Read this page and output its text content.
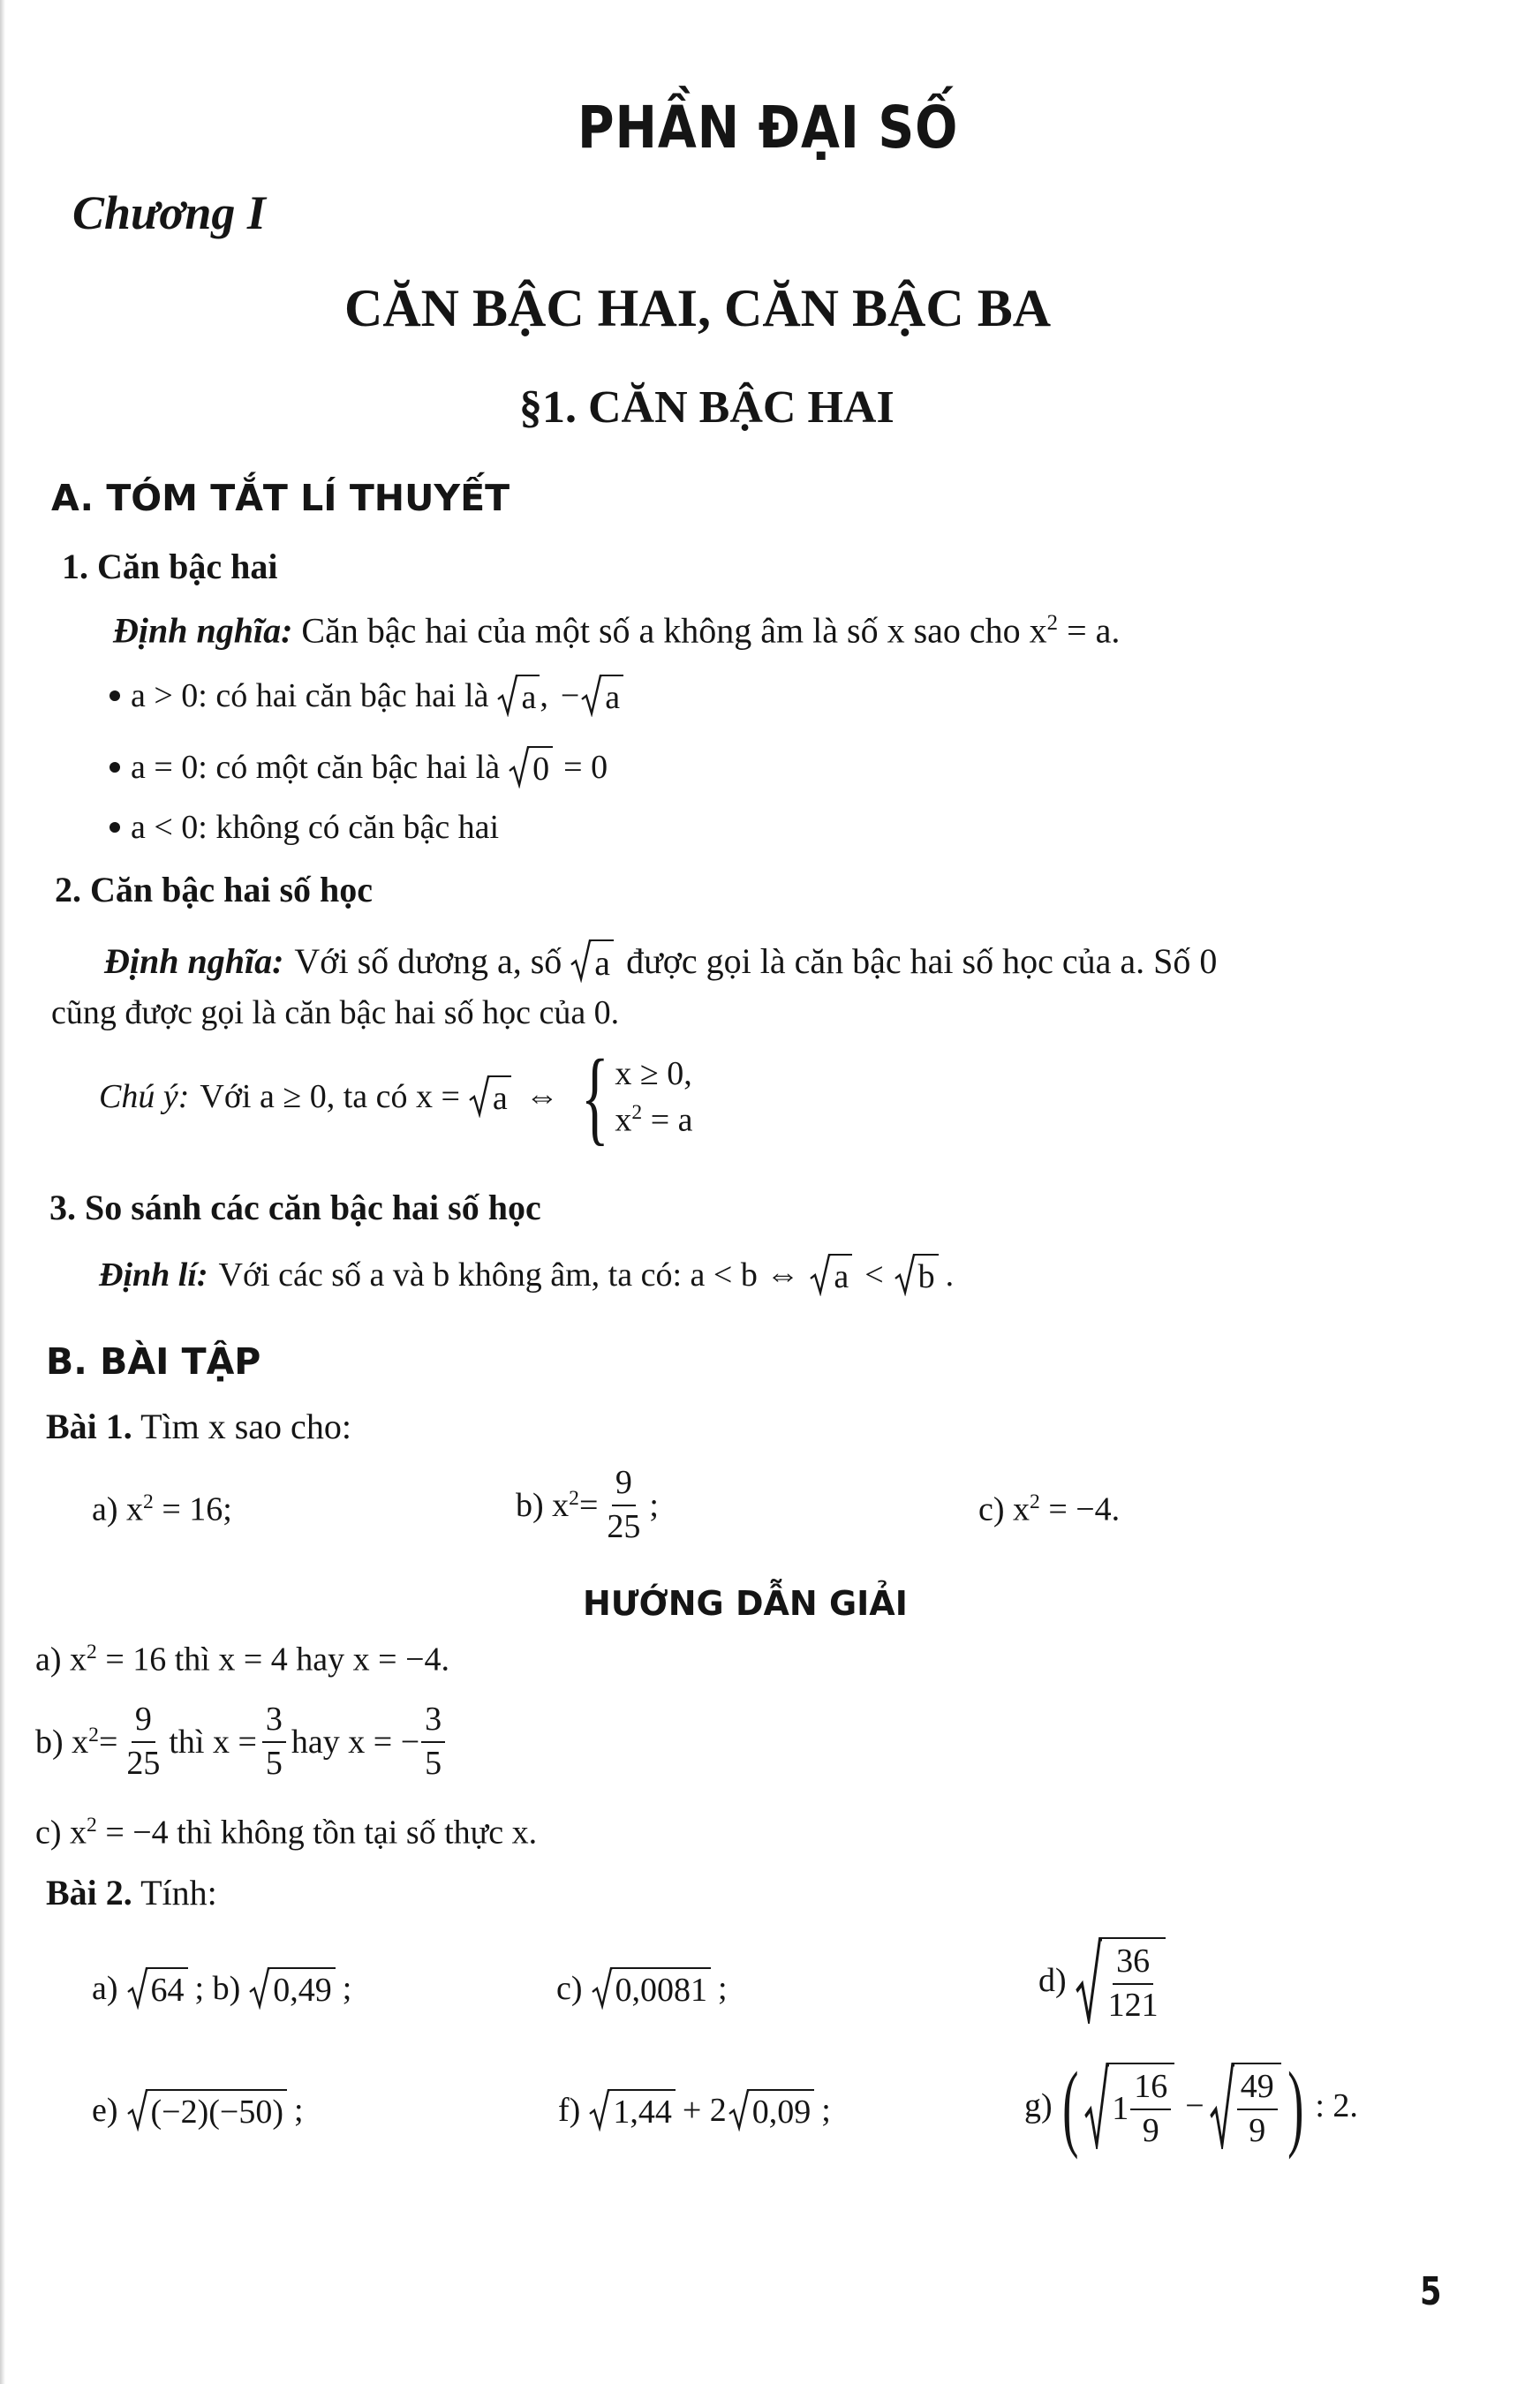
PHẦN ĐẠI SỐ
Chương I
CĂN BẬC HAI, CĂN BẬC BA
§1. CĂN BẬC HAI
A. TÓM TẮT LÍ THUYẾT
1. Căn bậc hai
Định nghĩa: Căn bậc hai của một số a không âm là số x sao cho $x^2 = a$.
a > 0: có hai căn bậc hai là a , − a
a = 0: có một căn bậc hai là 0 = 0
a < 0: không có căn bậc hai
2. Căn bậc hai số học
Định nghĩa: Với số dương a, số a được gọi là căn bậc hai số học của a. Số 0
cũng được gọi là căn bậc hai số học của 0.
Chú ý: Với a ≥ 0, ta có x = a ⇔ { x ≥ 0,
$x^2 = a$
3. So sánh các căn bậc hai số học
Định lí: Với các số a và b không âm, ta có: a < b ⇔ a < b .
B. BÀI TẬP
Bài 1. Tìm x sao cho:
a) $x^2 = 16$;	b) x $2 = \frac{9}{25}$ ;	c) $x^2 = -4$.
HƯỚNG DẪN GIẢI
a) $x^2 = 16$ thì x = 4 hay x = −4.
b) x $2 = \frac{9}{25}$ thì $x = \frac{3}{5}$ hay x = − $\frac{3}{5}$
c) $x^2 = -4$ thì không tồn tại số thực x.
Bài 2. Tính:
a) 64 ; b) 0,49 ;	c) 0,0081 ;	$d) \frac{36}{121}$
e) (−2)(−50) ;	f) 1,44 + 2 0,09 ;	g) ( $1 \frac{16}{9} - \frac{49}{9}$ ) : 2.
5
